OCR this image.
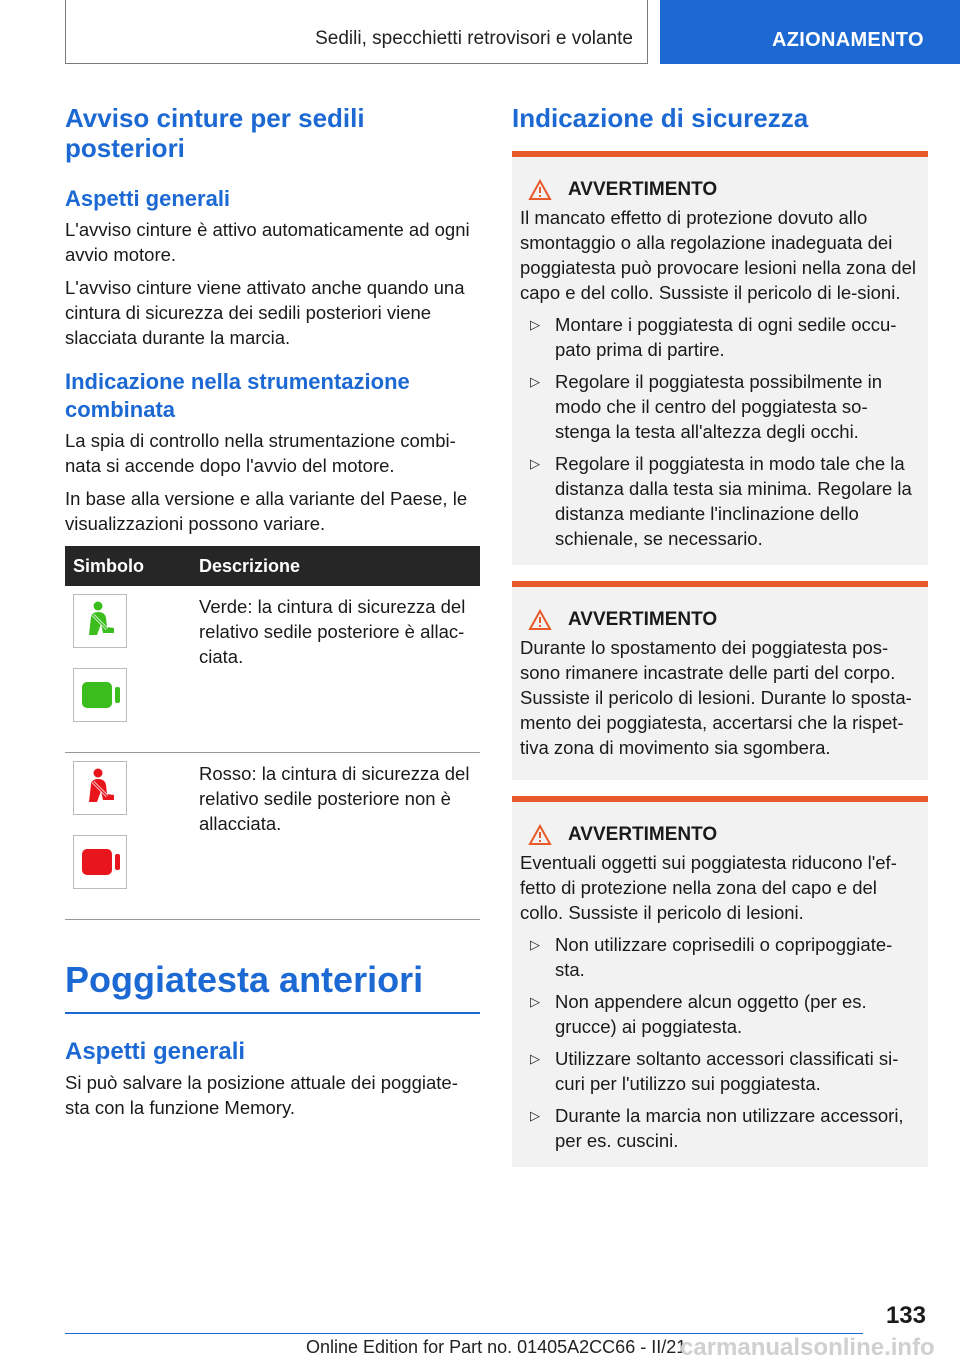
Sedili, specchietti retrovisori e volante	AZIONAMENTO
Avviso cinture per sedili posteriori
Aspetti generali

L'avviso cinture è attivo automaticamente ad ogni avvio motore.

L'avviso cinture viene attivato anche quando una cintura di sicurezza dei sedili posteriori viene slacciata durante la marcia.

Indicazione nella strumentazione combinata

La spia di controllo nella strumentazione combi-nata si accende dopo l'avvio del motore.

In base alla versione e alla variante del Paese, le visualizzazioni possono variare.

Simbolo	Descrizione

	Verde: la cintura di sicurezza del relativo sedile posteriore è allac-ciata.

	Rosso: la cintura di sicurezza del relativo sedile posteriore non è allacciata.
Poggiatesta anteriori
Aspetti generali

Si può salvare la posizione attuale dei poggiate-sta con la funzione Memory.

Indicazione di sicurezza
AVVERTIMENTO

Il mancato effetto di protezione dovuto allo smontaggio o alla regolazione inadeguata dei poggiatesta può provocare lesioni nella zona del capo e del collo. Sussiste il pericolo di le-sioni.

▷ Montare i poggiatesta di ogni sedile occu-pato prima di partire.
▷ Regolare il poggiatesta possibilmente in modo che il centro del poggiatesta so-stenga la testa all'altezza degli occhi.
▷ Regolare il poggiatesta in modo tale che la distanza dalla testa sia minima. Regolare la distanza mediante l'inclinazione dello schienale, se necessario.
AVVERTIMENTO

Durante lo spostamento dei poggiatesta pos-sono rimanere incastrate delle parti del corpo. Sussiste il pericolo di lesioni. Durante lo sposta-mento dei poggiatesta, accertarsi che la rispet-tiva zona di movimento sia sgombera.

AVVERTIMENTO

Eventuali oggetti sui poggiatesta riducono l'ef-fetto di protezione nella zona del capo e del collo. Sussiste il pericolo di lesioni.

▷ Non utilizzare coprisedili o copripoggiate-sta.
▷ Non appendere alcun oggetto (per es. grucce) ai poggiatesta.
▷ Utilizzare soltanto accessori classificati si-curi per l'utilizzo sui poggiatesta.
▷ Durante la marcia non utilizzare accessori, per es. cuscini.
133
Online Edition for Part no. 01405A2CC66 - II/21
carmanualsonline.info
